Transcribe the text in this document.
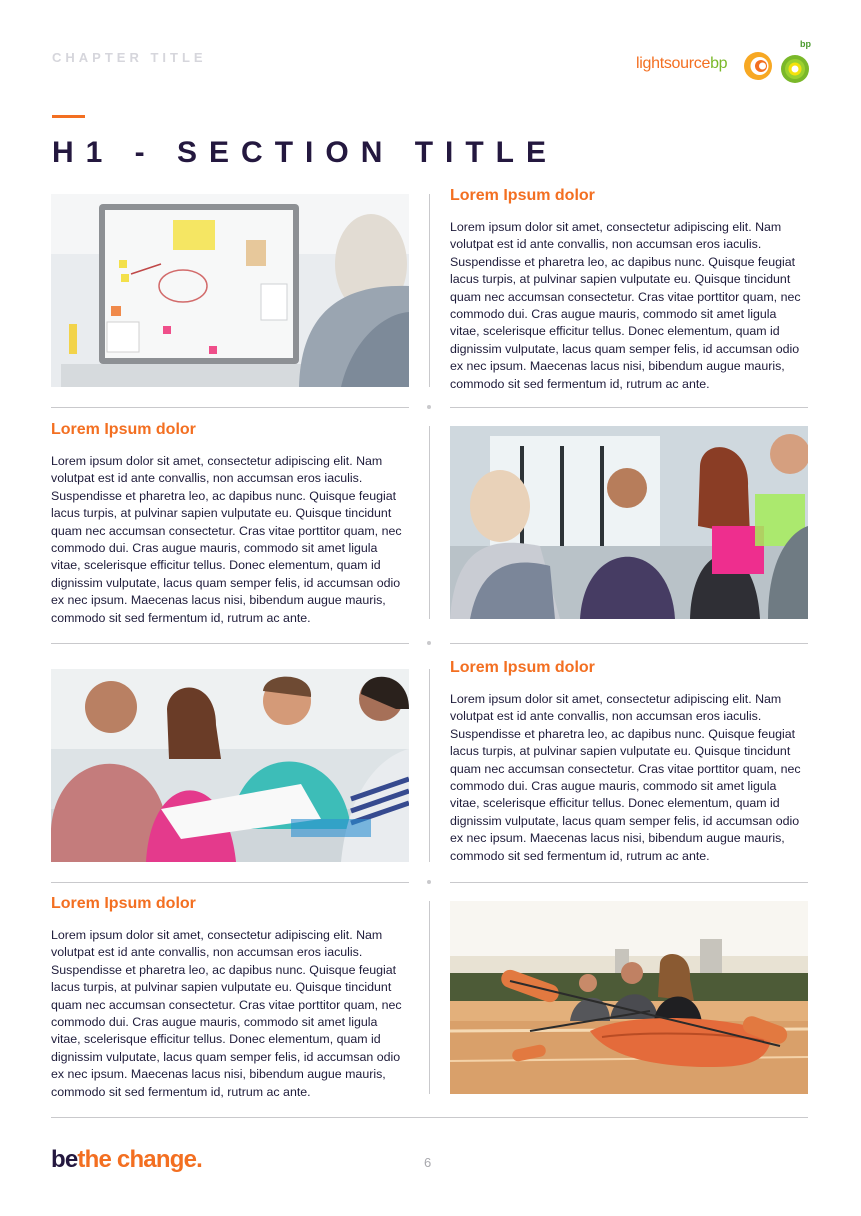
CHAPTER TITLE	lightsourcebp
bp
H1 - SECTION TITLE
Lorem Ipsum dolor

Lorem ipsum dolor sit amet, consectetur adipiscing elit. Nam volutpat est id ante convallis, non accumsan eros iaculis. Suspendisse et pharetra leo, ac dapibus nunc. Quisque feugiat lacus turpis, at pulvinar sapien vulputate eu. Quisque tincidunt quam nec accumsan consectetur. Cras vitae porttitor quam, nec commodo dui. Cras augue mauris, commodo sit amet ligula vitae, scelerisque efficitur tellus. Donec elementum, quam id dignissim vulputate, lacus quam semper felis, id accumsan odio ex nec ipsum. Maecenas lacus nisi, bibendum augue mauris, commodo sit sed fermentum id, rutrum ac ante.

Lorem Ipsum dolor

Lorem ipsum dolor sit amet, consectetur adipiscing elit. Nam volutpat est id ante convallis, non accumsan eros iaculis. Suspendisse et pharetra leo, ac dapibus nunc. Quisque feugiat lacus turpis, at pulvinar sapien vulputate eu. Quisque tincidunt quam nec accumsan consectetur. Cras vitae porttitor quam, nec commodo dui. Cras augue mauris, commodo sit amet ligula vitae, scelerisque efficitur tellus. Donec elementum, quam id dignissim vulputate, lacus quam semper felis, id accumsan odio ex nec ipsum. Maecenas lacus nisi, bibendum augue mauris, commodo sit sed fermentum id, rutrum ac ante.

Lorem Ipsum dolor

Lorem ipsum dolor sit amet, consectetur adipiscing elit. Nam volutpat est id ante convallis, non accumsan eros iaculis. Suspendisse et pharetra leo, ac dapibus nunc. Quisque feugiat lacus turpis, at pulvinar sapien vulputate eu. Quisque tincidunt quam nec accumsan consectetur. Cras vitae porttitor quam, nec commodo dui. Cras augue mauris, commodo sit amet ligula vitae, scelerisque efficitur tellus. Donec elementum, quam id dignissim vulputate, lacus quam semper felis, id accumsan odio ex nec ipsum. Maecenas lacus nisi, bibendum augue mauris, commodo sit sed fermentum id, rutrum ac ante.

Lorem Ipsum dolor

Lorem ipsum dolor sit amet, consectetur adipiscing elit. Nam volutpat est id ante convallis, non accumsan eros iaculis. Suspendisse et pharetra leo, ac dapibus nunc. Quisque feugiat lacus turpis, at pulvinar sapien vulputate eu. Quisque tincidunt quam nec accumsan consectetur. Cras vitae porttitor quam, nec commodo dui. Cras augue mauris, commodo sit amet ligula vitae, scelerisque efficitur tellus. Donec elementum, quam id dignissim vulputate, lacus quam semper felis, id accumsan odio ex nec ipsum. Maecenas lacus nisi, bibendum augue mauris, commodo sit sed fermentum id, rutrum ac ante.

bethe change.	6
